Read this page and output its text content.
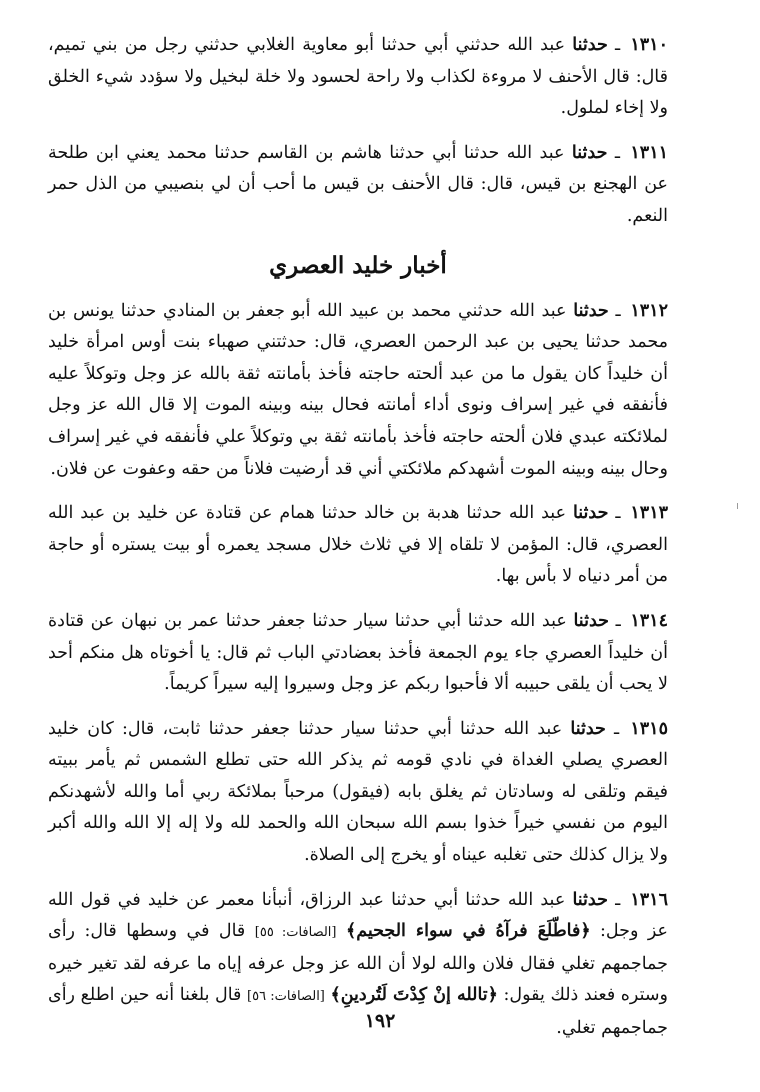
١٣١٠ ـ حدثنا عبد الله حدثني أبي حدثنا أبو معاوية الغلابي حدثني رجل من بني تميم، قال: قال الأحنف لا مروءة لكذاب ولا راحة لحسود ولا خلة لبخيل ولا سؤدد شيء الخلق ولا إخاء لملول.

١٣١١ ـ حدثنا عبد الله حدثنا أبي حدثنا هاشم بن القاسم حدثنا محمد يعني ابن طلحة عن الهجنع بن قيس، قال: قال الأحنف بن قيس ما أحب أن لي بنصيبي من الذل حمر النعم.

أخبار خليد العصري

١٣١٢ ـ حدثنا عبد الله حدثني محمد بن عبيد الله أبو جعفر بن المنادي حدثنا يونس بن محمد حدثنا يحيى بن عبد الرحمن العصري، قال: حدثتني صهباء بنت أوس امرأة خليد أن خليداً كان يقول ما من عبد ألحته حاجته فأخذ بأمانته ثقة بالله عز وجل وتوكلاً عليه فأنفقه في غير إسراف ونوى أداء أمانته فحال بينه وبينه الموت إلا قال الله عز وجل لملائكته عبدي فلان ألحته حاجته فأخذ بأمانته ثقة بي وتوكلاً علي فأنفقه في غير إسراف وحال بينه وبينه الموت أشهدكم ملائكتي أني قد أرضيت فلاناً من حقه وعفوت عن فلان.

١٣١٣ ـ حدثنا عبد الله حدثنا هدبة بن خالد حدثنا همام عن قتادة عن خليد بن عبد الله العصري، قال: المؤمن لا تلقاه إلا في ثلاث خلال مسجد يعمره أو بيت يستره أو حاجة من أمر دنياه لا بأس بها.

١٣١٤ ـ حدثنا عبد الله حدثنا أبي حدثنا سيار حدثنا جعفر حدثنا عمر بن نبهان عن قتادة أن خليداً العصري جاء يوم الجمعة فأخذ بعضادتي الباب ثم قال: يا أخوتاه هل منكم أحد لا يحب أن يلقى حبيبه ألا فأحبوا ربكم عز وجل وسيروا إليه سيراً كريماً.

١٣١٥ ـ حدثنا عبد الله حدثنا أبي حدثنا سيار حدثنا جعفر حدثنا ثابت، قال: كان خليد العصري يصلي الغداة في نادي قومه ثم يذكر الله حتى تطلع الشمس ثم يأمر ببيته فيقم وتلقى له وسادتان ثم يغلق بابه (فيقول) مرحباً بملائكة ربي أما والله لأشهدنكم اليوم من نفسي خيراً خذوا بسم الله سبحان الله والحمد لله ولا إله إلا الله والله أكبر ولا يزال كذلك حتى تغلبه عيناه أو يخرج إلى الصلاة.

١٣١٦ ـ حدثنا عبد الله حدثنا أبي حدثنا عبد الرزاق، أنبأنا معمر عن خليد في قول الله عز وجل: ﴿فاطّلَعَ فرآهُ في سواء الجحيم﴾ [الصافات: ٥٥] قال في وسطها قال: رأى جماجمهم تغلي فقال فلان والله لولا أن الله عز وجل عرفه إياه ما عرفه لقد تغير خيره وستره فعند ذلك يقول: ﴿تالله إنْ كِدْتَ لَتُردينِ﴾ [الصافات: ٥٦] قال بلغنا أنه حين اطلع رأى جماجمهم تغلي.

١٩٢
